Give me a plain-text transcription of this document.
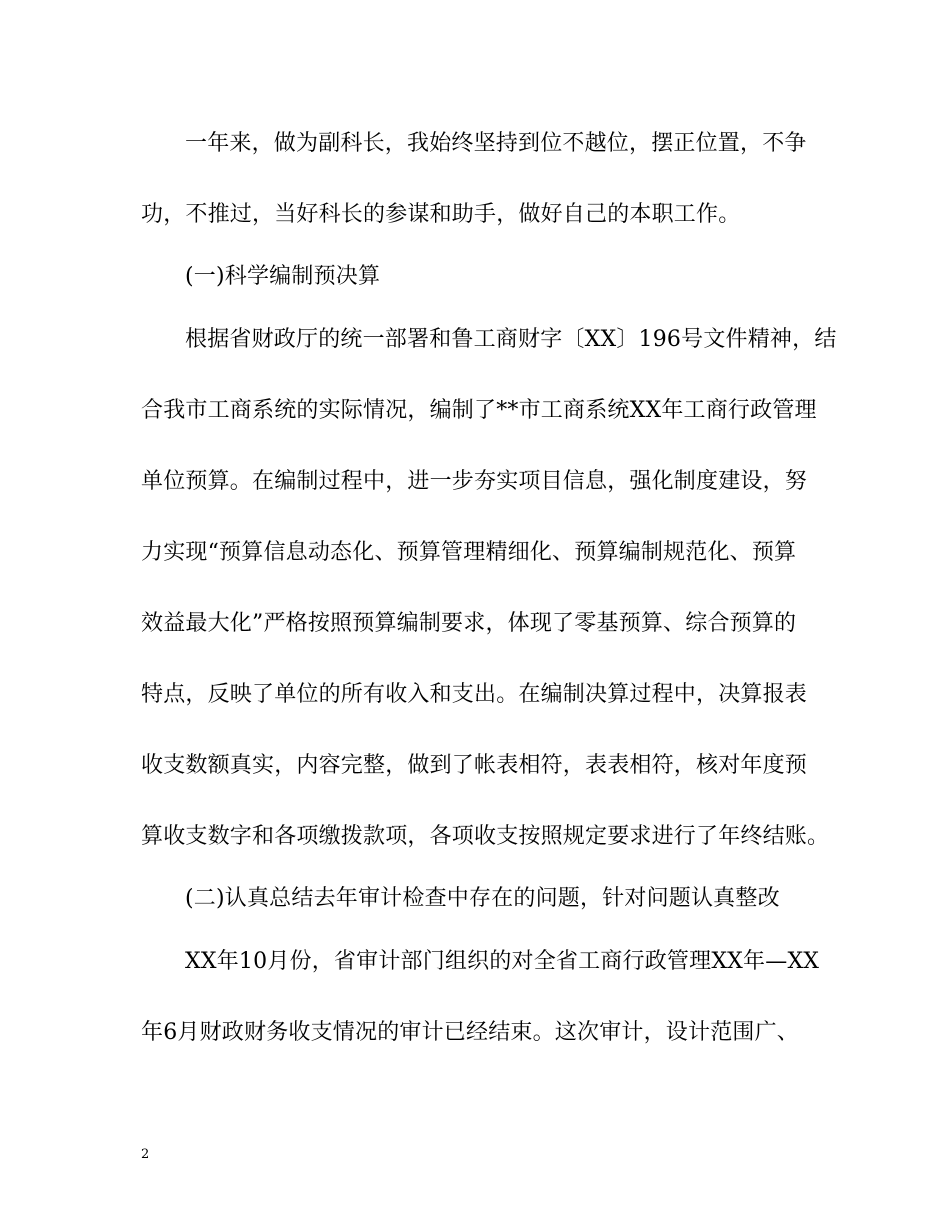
一年来，做为副科长，我始终坚持到位不越位，摆正位置，不争
功，不推过，当好科长的参谋和助手，做好自己的本职工作。
(一)科学编制预决算
根据省财政厅的统一部署和鲁工商财字〔XX〕196号文件精神，结
合我市工商系统的实际情况，编制了**市工商系统XX年工商行政管理
单位预算。在编制过程中，进一步夯实项目信息，强化制度建设，努
力实现“预算信息动态化、预算管理精细化、预算编制规范化、预算
效益最大化”严格按照预算编制要求，体现了零基预算、综合预算的
特点，反映了单位的所有收入和支出。在编制决算过程中，决算报表
收支数额真实，内容完整，做到了帐表相符，表表相符，核对年度预
算收支数字和各项缴拨款项，各项收支按照规定要求进行了年终结账。
(二)认真总结去年审计检查中存在的问题，针对问题认真整改
XX年10月份，省审计部门组织的对全省工商行政管理XX年—XX
年6月财政财务收支情况的审计已经结束。这次审计，设计范围广、
2
